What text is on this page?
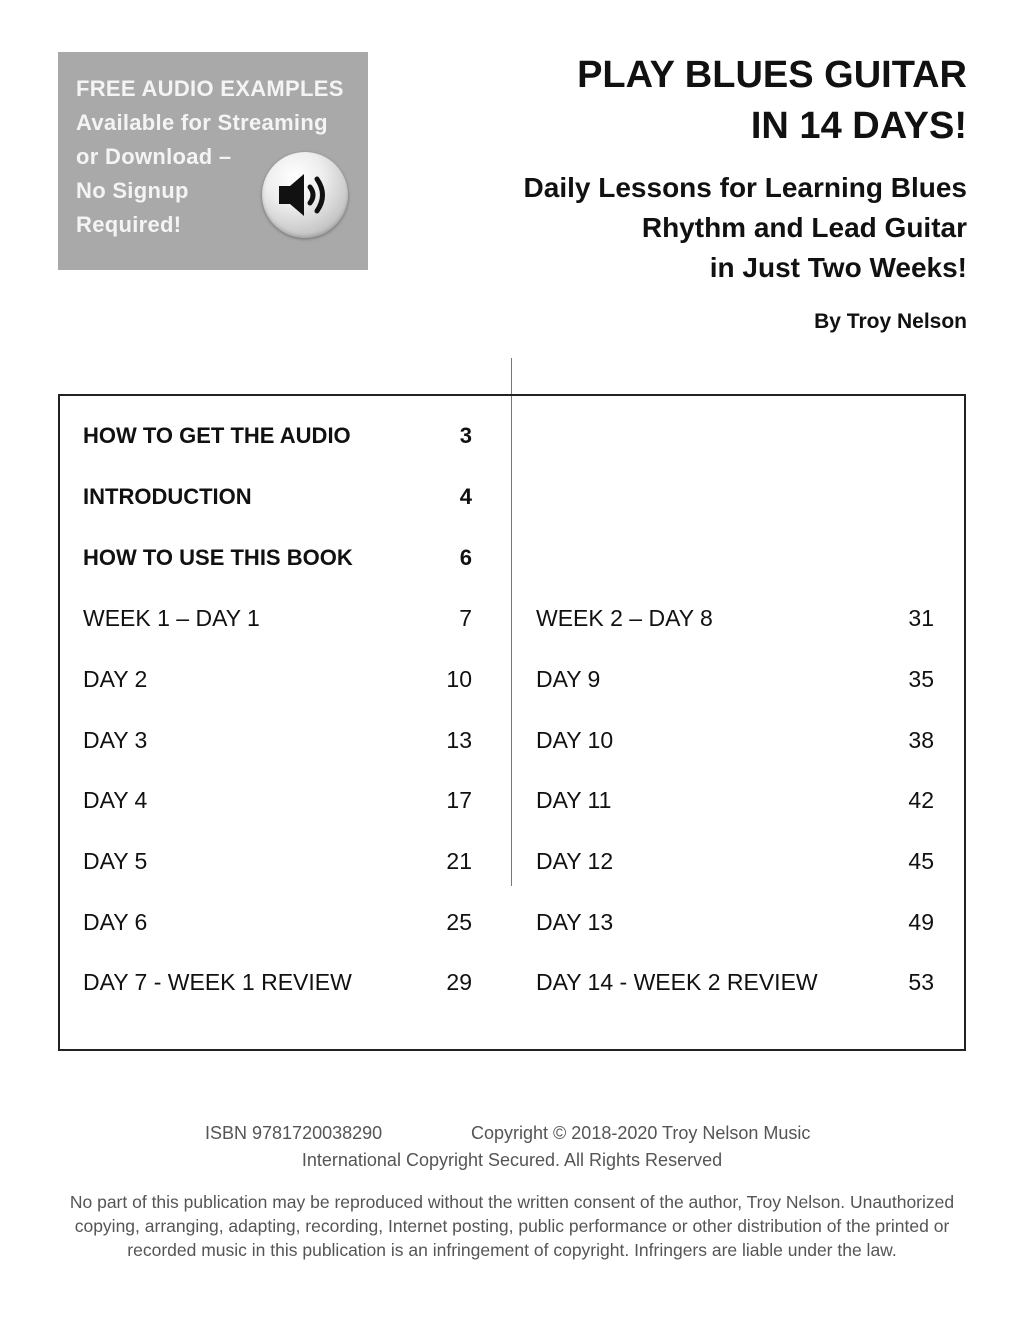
FREE AUDIO EXAMPLES
Available for Streaming
or Download –
No Signup
Required!
PLAY BLUES GUITAR
IN 14 DAYS!
Daily Lessons for Learning Blues
Rhythm and Lead Guitar
in Just Two Weeks!
By Troy Nelson
HOW TO GET THE AUDIO	3
INTRODUCTION	4
HOW TO USE THIS BOOK	6
WEEK 1 – DAY 1	7
DAY 2	10
DAY 3	13
DAY 4	17
DAY 5	21
DAY 6	25
DAY 7 - WEEK 1 REVIEW	29
WEEK 2 – DAY 8	31
DAY 9	35
DAY 10	38
DAY 11	42
DAY 12	45
DAY 13	49
DAY 14 - WEEK 2 REVIEW	53
ISBN 9781720038290	Copyright © 2018-2020 Troy Nelson Music
International Copyright Secured. All Rights Reserved
No part of this publication may be reproduced without the written consent of the author, Troy Nelson. Unauthorized
copying, arranging, adapting, recording, Internet posting, public performance or other distribution of the printed or
recorded music in this publication is an infringement of copyright. Infringers are liable under the law.
